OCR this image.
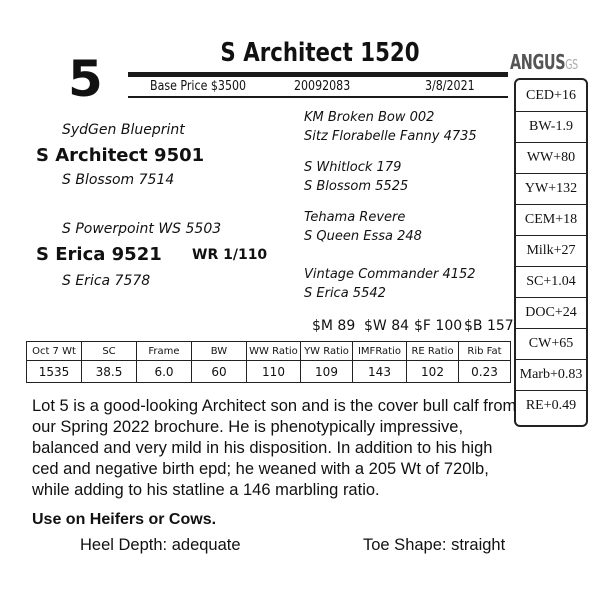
5	S Architect 1520
Base Price $3500	20092083	3/8/2021
ANGUSGS
CED+16
BW-1.9
WW+80
YW+132
CEM+18
Milk+27
SC+1.04
DOC+24
CW+65
Marb+0.83
RE+0.49
SydGen Blueprint
S Architect 9501
S Blossom 7514
S Powerpoint WS 5503
S Erica 9521 WR 1/110
S Erica 7578
KM Broken Bow 002
Sitz Florabelle Fanny 4735
S Whitlock 179
S Blossom 5525
Tehama Revere
S Queen Essa 248
Vintage Commander 4152
S Erica 5542
$M 89 $W 84 $F 100 $B 157
Oct 7 Wt	SC	Frame	BW	WW Ratio	YW Ratio	IMFRatio	RE Ratio	Rib Fat
1535	38.5	6.0	60	110	109	143	102	0.23
Lot 5 is a good-looking Architect son and is the cover bull calf from our Spring 2022 brochure. He is phenotypically impressive, balanced and very mild in his disposition. In addition to his high ced and negative birth epd; he weaned with a 205 Wt of 720lb, while adding to his statline a 146 marbling ratio.
Use on Heifers or Cows.
Heel Depth: adequate	Toe Shape: straight
